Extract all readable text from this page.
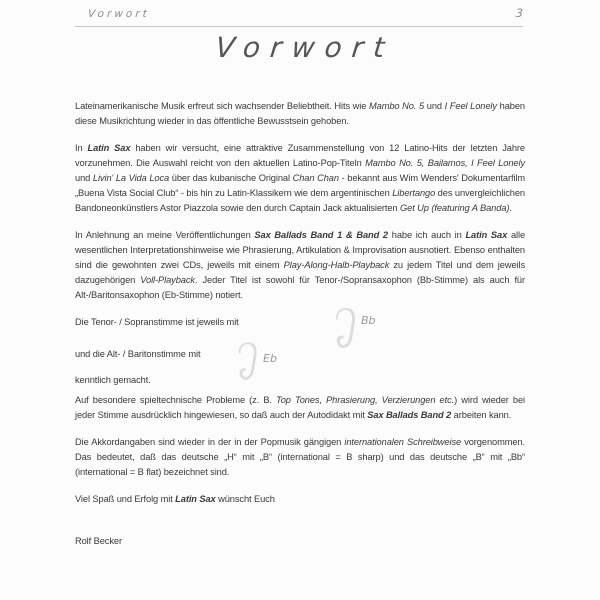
Vorwort	3
Vorwort

Lateinamerikanische Musik erfreut sich wachsender Beliebtheit. Hits wie Mambo No. 5 und I Feel Lonely haben diese Musikrichtung wieder in das öffentliche Bewusstsein gehoben.

In Latin Sax haben wir versucht, eine attraktive Zusammenstellung von 12 Latino-Hits der letzten Jahre vorzunehmen. Die Auswahl reicht von den aktuellen Latino-Pop-Titeln Mambo No. 5, Bailamos, I Feel Lonely und Livin' La Vida Loca über das kubanische Original Chan Chan - bekannt aus Wim Wenders' Dokumentarfilm „Buena Vista Social Club“ - bis hin zu Latin-Klassikern wie dem argentinischen Libertango des unvergleichlichen Bandoneonkünstlers Astor Piazzola sowie den durch Captain Jack aktualisierten Get Up (featuring A Banda).

In Anlehnung an meine Veröffentlichungen Sax Ballads Band 1 & Band 2 habe ich auch in Latin Sax alle wesentlichen Interpretationshinweise wie Phrasierung, Artikulation & Improvisation ausnotiert. Ebenso enthalten sind die gewohnten zwei CDs, jeweils mit einem Play-Along-Halb-Playback zu jedem Titel und dem jeweils dazugehörigen Voll-Playback. Jeder Titel ist sowohl für Tenor-/Sopransaxophon (Bb-Stimme) als auch für Alt-/Baritonsaxophon (Eb-Stimme) notiert.

Die Tenor- / Sopranstimme ist jeweils mit

und die Alt- / Baritonstimme mit

kenntlich gemacht.

Auf besondere spieltechnische Probleme (z. B. Top Tones, Phrasierung, Verzierungen etc.) wird wieder bei jeder Stimme ausdrücklich hingewiesen, so daß auch der Autodidakt mit Sax Ballads Band 2 arbeiten kann.

Die Akkordangaben sind wieder in der in der Popmusik gängigen internationalen Schreibweise vorgenommen. Das bedeutet, daß das deutsche „H“ mit „B“ (international = B sharp) und das deutsche „B“ mit „Bb“ (international = B flat) bezeichnet sind.

Viel Spaß und Erfolg mit Latin Sax wünscht Euch

Rolf Becker

Bb
Eb
